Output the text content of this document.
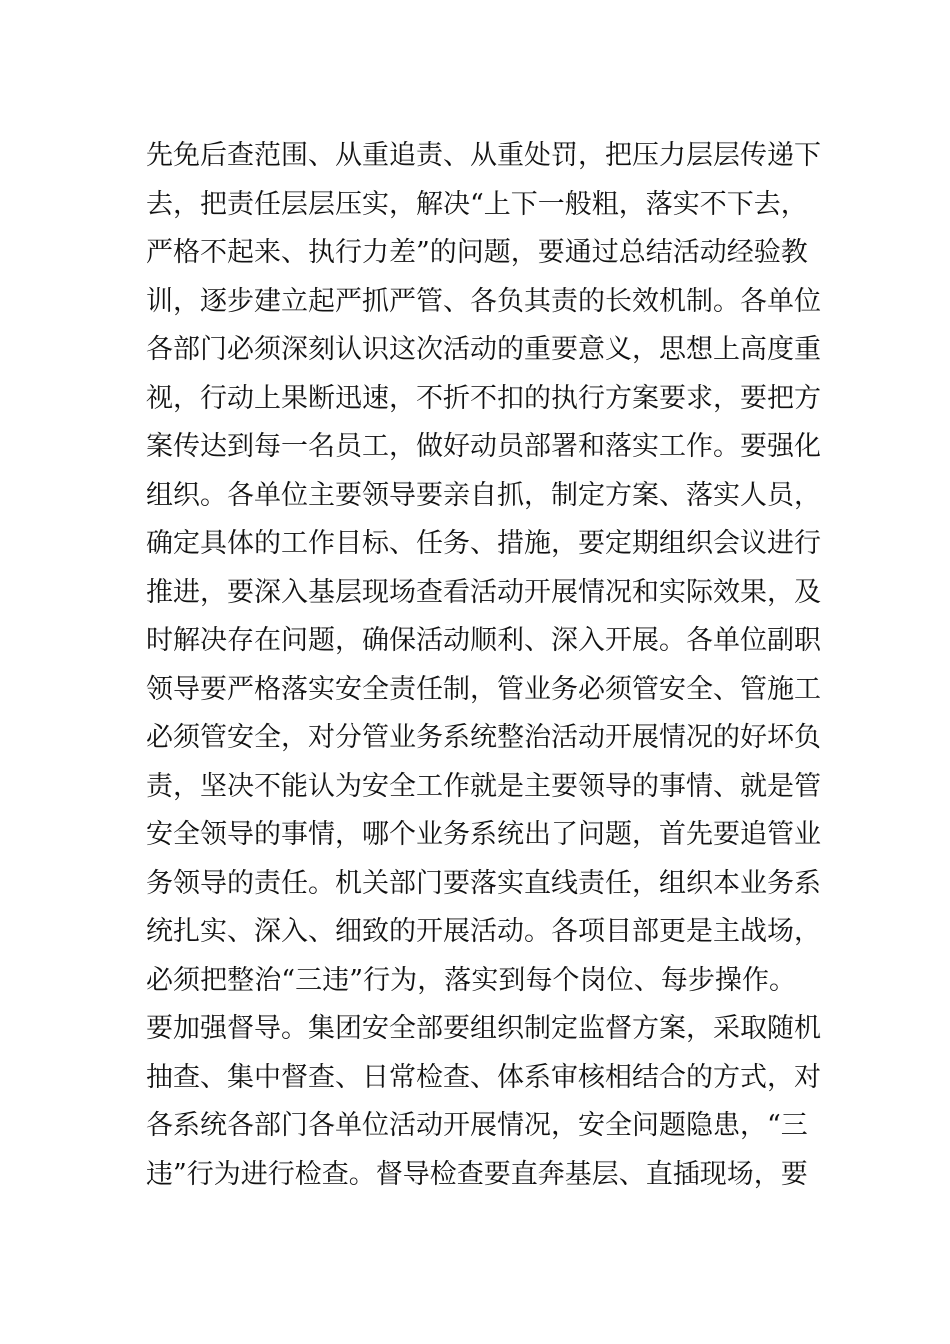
先免后查范围、从重追责、从重处罚，把压力层层传递下
去，把责任层层压实，解决“上下一般粗，落实不下去，
严格不起来、执行力差”的问题，要通过总结活动经验教
训，逐步建立起严抓严管、各负其责的长效机制。各单位
各部门必须深刻认识这次活动的重要意义，思想上高度重
视，行动上果断迅速，不折不扣的执行方案要求，要把方
案传达到每一名员工，做好动员部署和落实工作。要强化
组织。各单位主要领导要亲自抓，制定方案、落实人员，
确定具体的工作目标、任务、措施，要定期组织会议进行
推进，要深入基层现场查看活动开展情况和实际效果，及
时解决存在问题，确保活动顺利、深入开展。各单位副职
领导要严格落实安全责任制，管业务必须管安全、管施工
必须管安全，对分管业务系统整治活动开展情况的好坏负
责，坚决不能认为安全工作就是主要领导的事情、就是管
安全领导的事情，哪个业务系统出了问题，首先要追管业
务领导的责任。机关部门要落实直线责任，组织本业务系
统扎实、深入、细致的开展活动。各项目部更是主战场，
必须把整治“三违”行为，落实到每个岗位、每步操作。
要加强督导。集团安全部要组织制定监督方案，采取随机
抽查、集中督查、日常检查、体系审核相结合的方式，对
各系统各部门各单位活动开展情况，安全问题隐患，“三
违”行为进行检查。督导检查要直奔基层、直插现场，要
